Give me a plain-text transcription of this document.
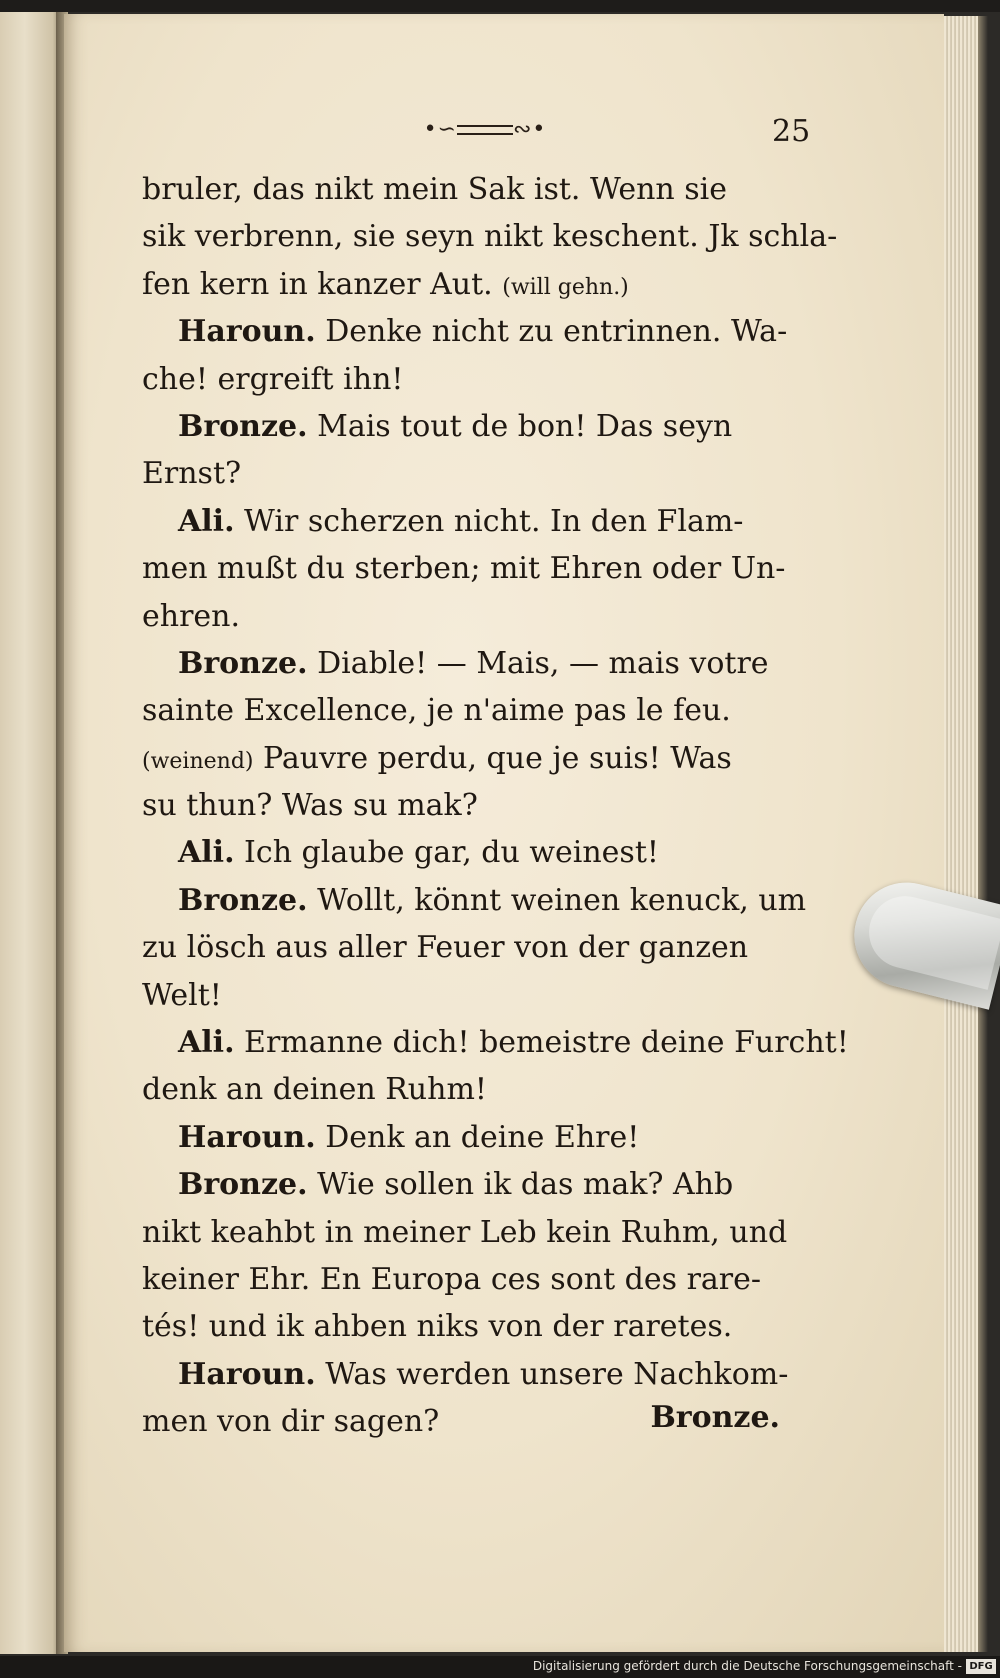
•∽	∾•	25
bruler, das nikt mein Sak ist. Wenn sie
sik verbrenn, sie seyn nikt keschent. Jk schla-
fen kern in kanzer Aut. (will gehn.)
Haroun. Denke nicht zu entrinnen. Wa-
che! ergreift ihn!
Bronze. Mais tout de bon! Das seyn
Ernst?
Ali. Wir scherzen nicht. In den Flam-
men mußt du sterben; mit Ehren oder Un-
ehren.
Bronze. Diable! — Mais, — mais votre
sainte Excellence, je n'aime pas le feu.
(weinend) Pauvre perdu, que je suis! Was
su thun? Was su mak?
Ali. Ich glaube gar, du weinest!
Bronze. Wollt, könnt weinen kenuck, um
zu lösch aus aller Feuer von der ganzen
Welt!
Ali. Ermanne dich! bemeistre deine Furcht!
denk an deinen Ruhm!
Haroun. Denk an deine Ehre!
Bronze. Wie sollen ik das mak? Ahb
nikt keahbt in meiner Leb kein Ruhm, und
keiner Ehr. En Europa ces sont des rare-
tés! und ik ahben niks von der raretes.
Haroun. Was werden unsere Nachkom-
men von dir sagen?	Bronze.
Digitalisierung gefördert durch die Deutsche Forschungsgemeinschaft - DFG
